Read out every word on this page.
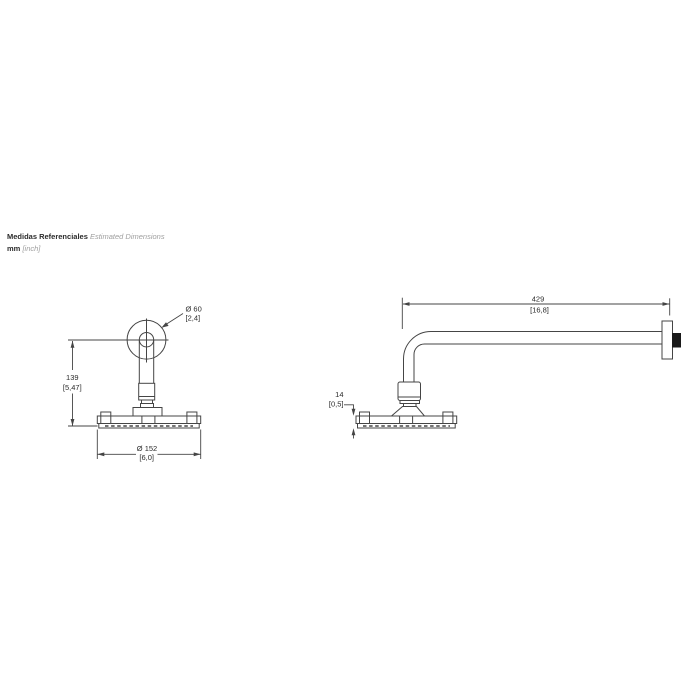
Medidas Referenciales Estimated Dimensions
mm [inch]
Ø 60
[2,4]
139
[5,47]
Ø 152
[6,0]
429
[16,8]
14
[0,5]
